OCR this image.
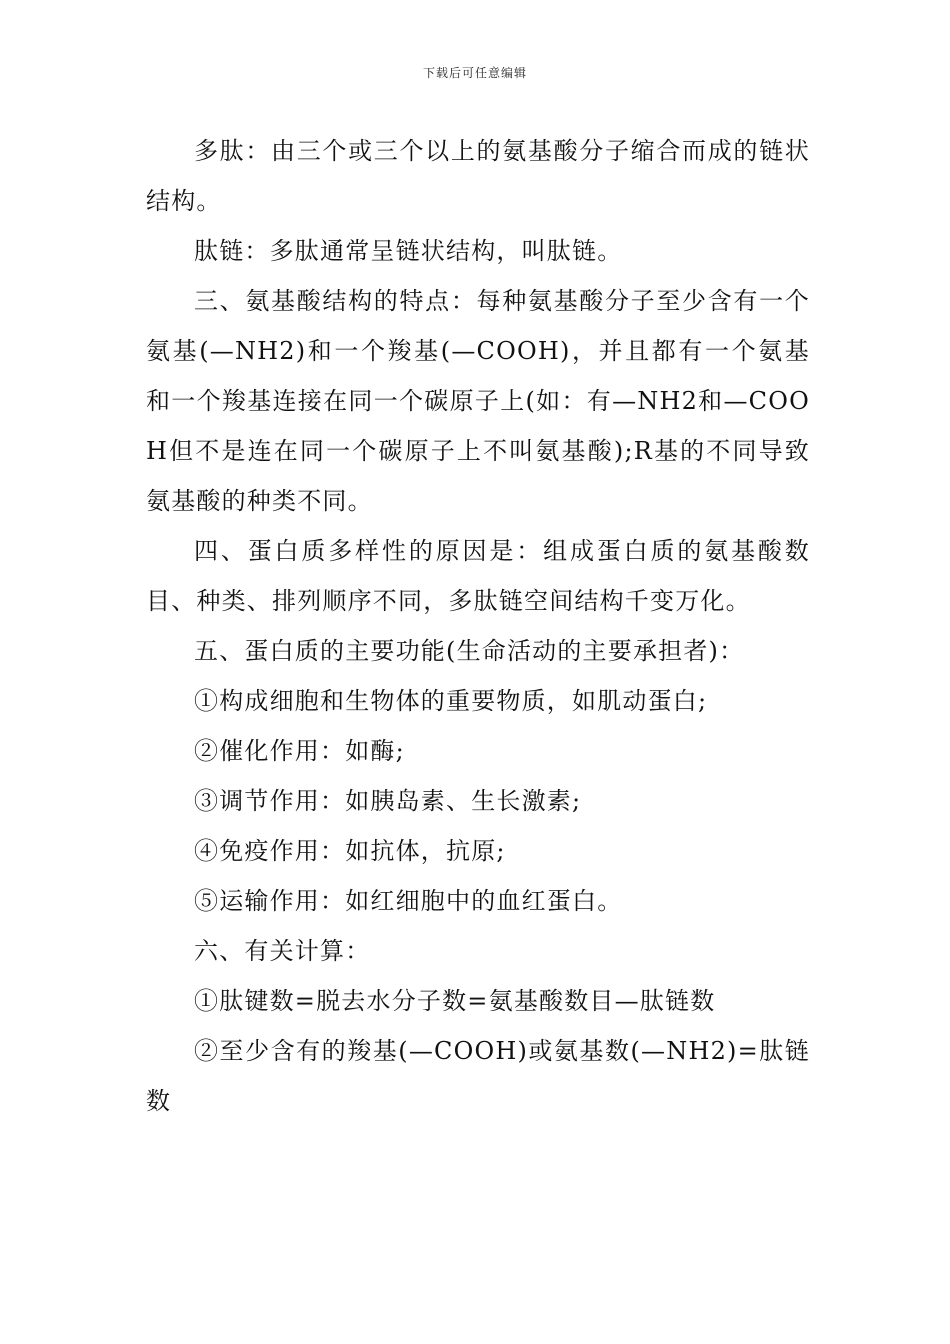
下载后可任意编辑

多肽：由三个或三个以上的氨基酸分子缩合而成的链状结构。

肽链：多肽通常呈链状结构，叫肽链。

三、氨基酸结构的特点：每种氨基酸分子至少含有一个氨基(—NH2)和一个羧基(—COOH)，并且都有一个氨基和一个羧基连接在同一个碳原子上(如：有—NH2和—COOH但不是连在同一个碳原子上不叫氨基酸);R基的不同导致氨基酸的种类不同。

四、蛋白质多样性的原因是：组成蛋白质的氨基酸数目、种类、排列顺序不同，多肽链空间结构千变万化。

五、蛋白质的主要功能(生命活动的主要承担者)：

①构成细胞和生物体的重要物质，如肌动蛋白;

②催化作用：如酶;

③调节作用：如胰岛素、生长激素;

④免疫作用：如抗体，抗原;

⑤运输作用：如红细胞中的血红蛋白。

六、有关计算：

①肽键数=脱去水分子数=氨基酸数目—肽链数

②至少含有的羧基(—COOH)或氨基数(—NH2)=肽链数
